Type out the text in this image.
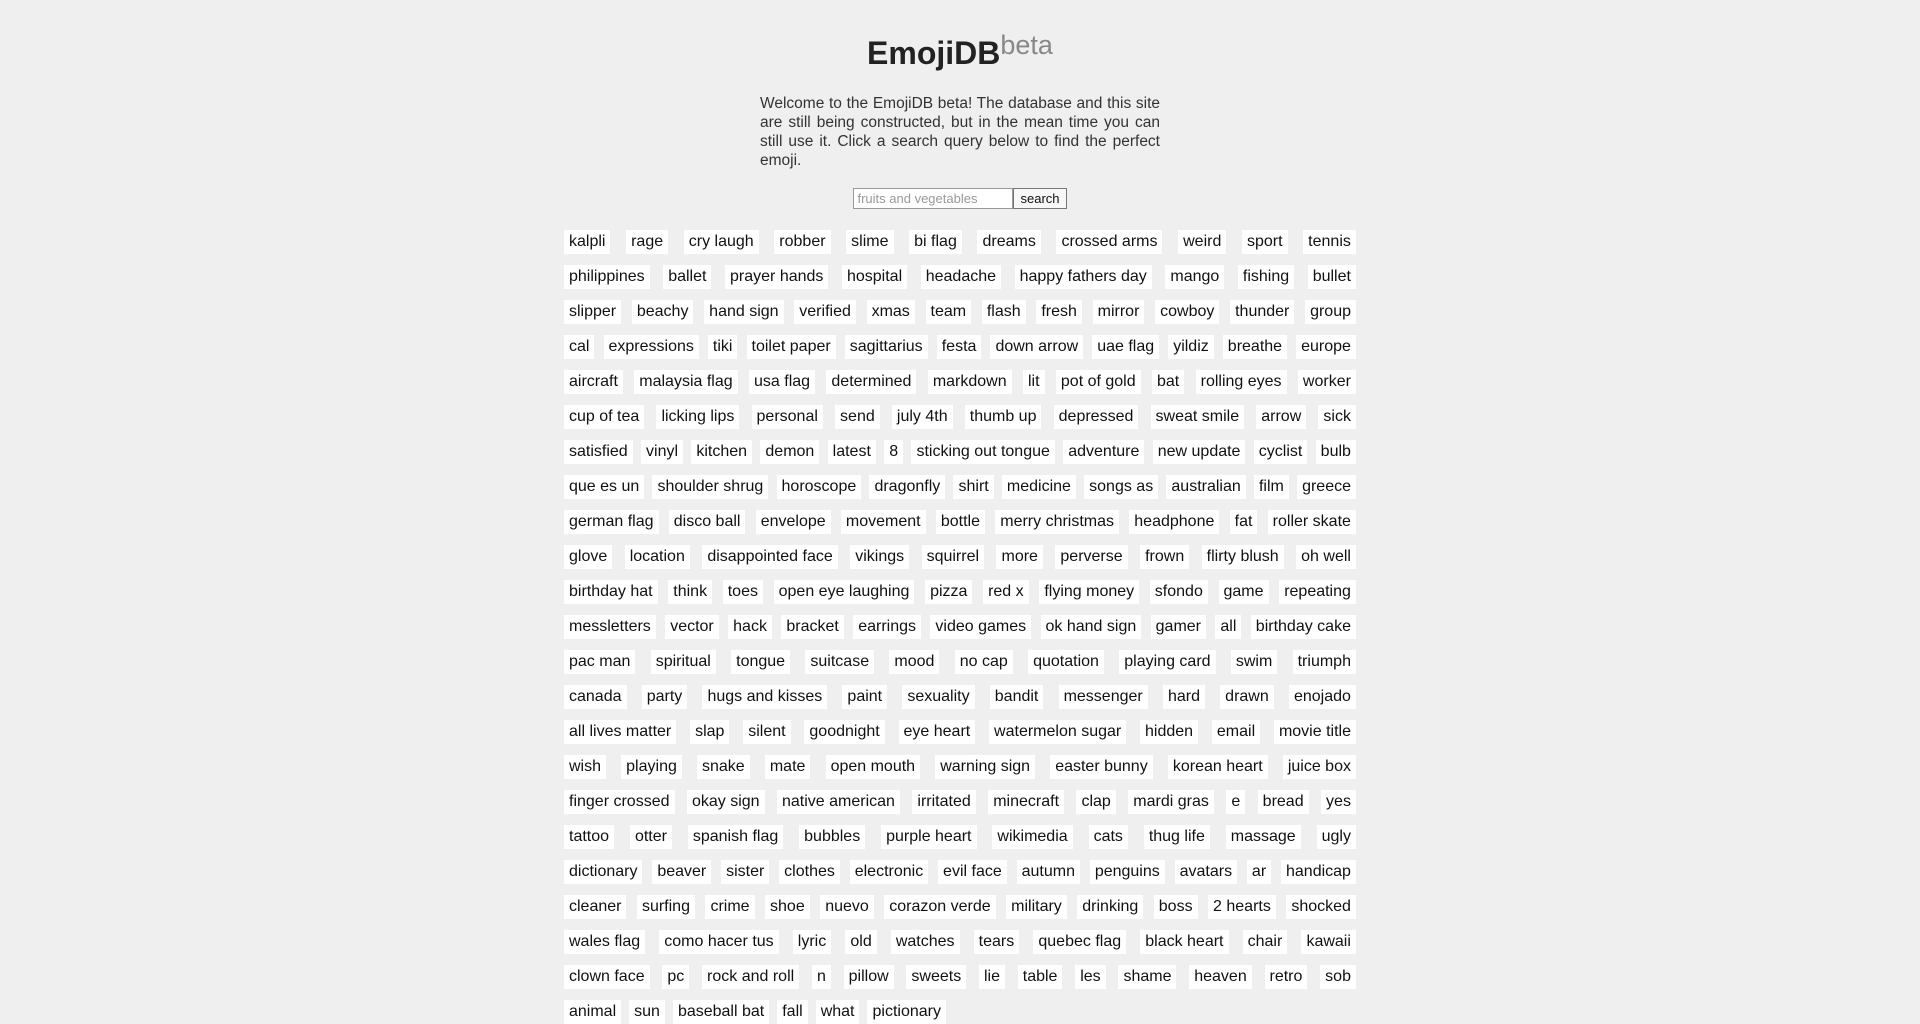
EmojiDB$^{beta}$

Welcome to the EmojiDB beta! The database and this site are still being constructed, but in the mean time you can still use it. Click a search query below to find the perfect emoji.

fruits and vegetables
search
kalpli	rage	cry laugh	robber	slime	bi flag	dreams	crossed arms	weird	sport	tennis
philippines	ballet	prayer hands	hospital	headache	happy fathers day	mango	fishing	bullet
slipper	beachy	hand sign	verified	xmas	team	flash	fresh	mirror	cowboy	thunder	group
cal	expressions	tiki	toilet paper	sagittarius	festa	down arrow	uae flag	yildiz	breathe	europe
aircraft	malaysia flag	usa flag	determined	markdown	lit	pot of gold	bat	rolling eyes	worker
cup of tea	licking lips	personal	send	july 4th	thumb up	depressed	sweat smile	arrow	sick
satisfied	vinyl	kitchen	demon	latest	8	sticking out tongue	adventure	new update	cyclist	bulb
que es un	shoulder shrug	horoscope	dragonfly	shirt	medicine	songs as	australian	film	greece
german flag	disco ball	envelope	movement	bottle	merry christmas	headphone	fat	roller skate
glove	location	disappointed face	vikings	squirrel	more	perverse	frown	flirty blush	oh well
birthday hat	think	toes	open eye laughing	pizza	red x	flying money	sfondo	game	repeating
messletters	vector	hack	bracket	earrings	video games	ok hand sign	gamer	all	birthday cake
pac man	spiritual	tongue	suitcase	mood	no cap	quotation	playing card	swim	triumph
canada	party	hugs and kisses	paint	sexuality	bandit	messenger	hard	drawn	enojado
all lives matter	slap	silent	goodnight	eye heart	watermelon sugar	hidden	email	movie title
wish	playing	snake	mate	open mouth	warning sign	easter bunny	korean heart	juice box
finger crossed	okay sign	native american	irritated	minecraft	clap	mardi gras	e	bread	yes
tattoo	otter	spanish flag	bubbles	purple heart	wikimedia	cats	thug life	massage	ugly
dictionary	beaver	sister	clothes	electronic	evil face	autumn	penguins	avatars	ar	handicap
cleaner	surfing	crime	shoe	nuevo	corazon verde	military	drinking	boss	2 hearts	shocked
wales flag	como hacer tus	lyric	old	watches	tears	quebec flag	black heart	chair	kawaii
clown face	pc	rock and roll	n	pillow	sweets	lie	table	les	shame	heaven	retro	sob
animal	sun	baseball bat	fall	what	pictionary
